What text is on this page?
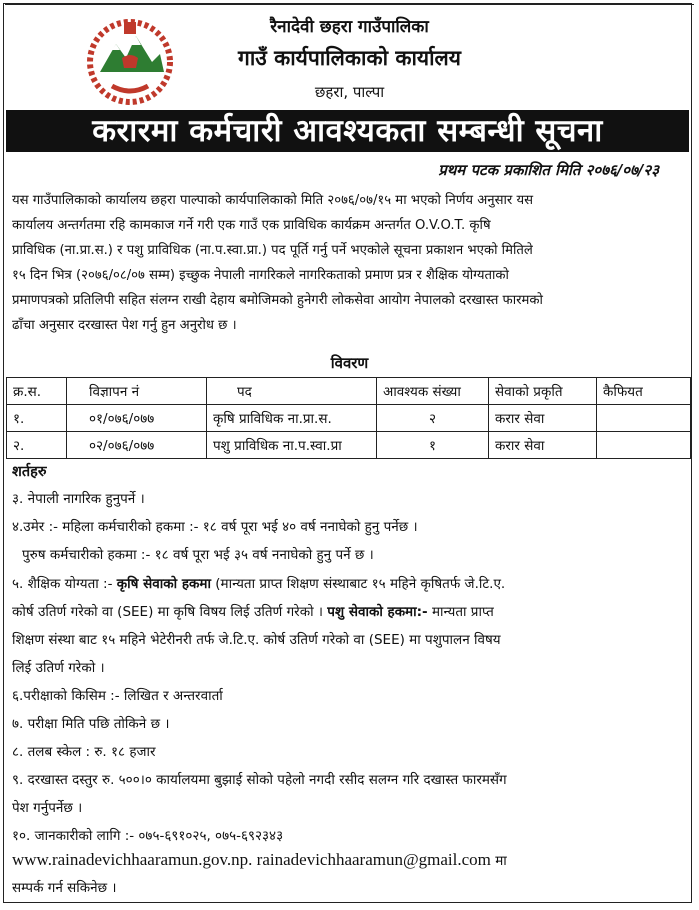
रैनादेवी छहरा गाउँपालिका
गाउँ कार्यपालिकाको कार्यालय
छहरा, पाल्पा
करारमा कर्मचारी आवश्यकता सम्बन्धी सूचना
प्रथम पटक प्रकाशित मिति २०७६/०७/२३
यस गाउँपालिकाको कार्यालय छहरा पाल्पाको कार्यपालिकाको मिति २०७६/०७/१५ मा भएको निर्णय अनुसार यस
कार्यालय अन्तर्गतमा रहि कामकाज गर्ने गरी एक गाउँ एक प्राविधिक कार्यक्रम अन्तर्गत O.V.O.T. कृषि
प्राविधिक (ना.प्रा.स.) र पशु प्राविधिक (ना.प.स्वा.प्रा.) पद पूर्ति गर्नु पर्ने भएकोले सूचना प्रकाशन भएको मितिले
१५ दिन भित्र (२०७६/०८/०७ सम्म) इच्छुक नेपाली नागरिकले नागरिकताको प्रमाण प्रत्र र शैक्षिक योग्यताको
प्रमाणपत्रको प्रतिलिपी सहित संलग्न राखी देहाय बमोजिमको हुनेगरी लोकसेवा आयोग नेपालको दरखास्त फारमको
ढाँचा अनुसार दरखास्त पेश गर्नु हुन अनुरोध छ ।
विवरण
क्र.स.	विज्ञापन नं	पद	आवश्यक संख्या	सेवाको प्रकृति	कैफियत
१.	०१/०७६/०७७	कृषि प्राविधिक ना.प्रा.स.	२	करार सेवा	
२.	०२/०७६/०७७	पशु प्राविधिक ना.प.स्वा.प्रा	१	करार सेवा	
शर्तहरु
३. नेपाली नागरिक हुनुपर्ने ।
४.उमेर :- महिला कर्मचारीको हकमा :- १८ वर्ष पूरा भई ४० वर्ष ननाघेको हुनु पर्नेछ ।
पुरुष कर्मचारीको हकमा :- १८ वर्ष पूरा भई ३५ वर्ष ननाघेको हुनु पर्ने छ ।
५. शैक्षिक योग्यता :- कृषि सेवाको हकमा (मान्यता प्राप्त शिक्षण संस्थाबाट १५ महिने कृषितर्फ जे.टि.ए.
कोर्ष उतिर्ण गरेको वा (SEE) मा कृषि विषय लिई उतिर्ण गरेको । पशु सेवाको हकमा:- मान्यता प्राप्त
शिक्षण संस्था बाट १५ महिने भेटेरीनरी तर्फ जे.टि.ए. कोर्ष उतिर्ण गरेको वा (SEE) मा पशुपालन विषय
लिई उतिर्ण गरेको ।
६.परीक्षाको किसिम :- लिखित र अन्तरवार्ता
७. परीक्षा मिति पछि तोकिने छ ।
८. तलब स्केल : रु. १८ हजार
९. दरखास्त दस्तुर रु. ५००।० कार्यालयमा बुझाई सोको पहेलो नगदी रसीद सलग्न गरि दखास्त फारमसँग
पेश गर्नुपर्नेछ ।
१०. जानकारीको लागि :- ०७५-६९१०२५, ०७५-६९२३४३
www.rainadevichhaaramun.gov.np. rainadevichhaaramun@gmail.com मा
सम्पर्क गर्न सकिनेछ ।
